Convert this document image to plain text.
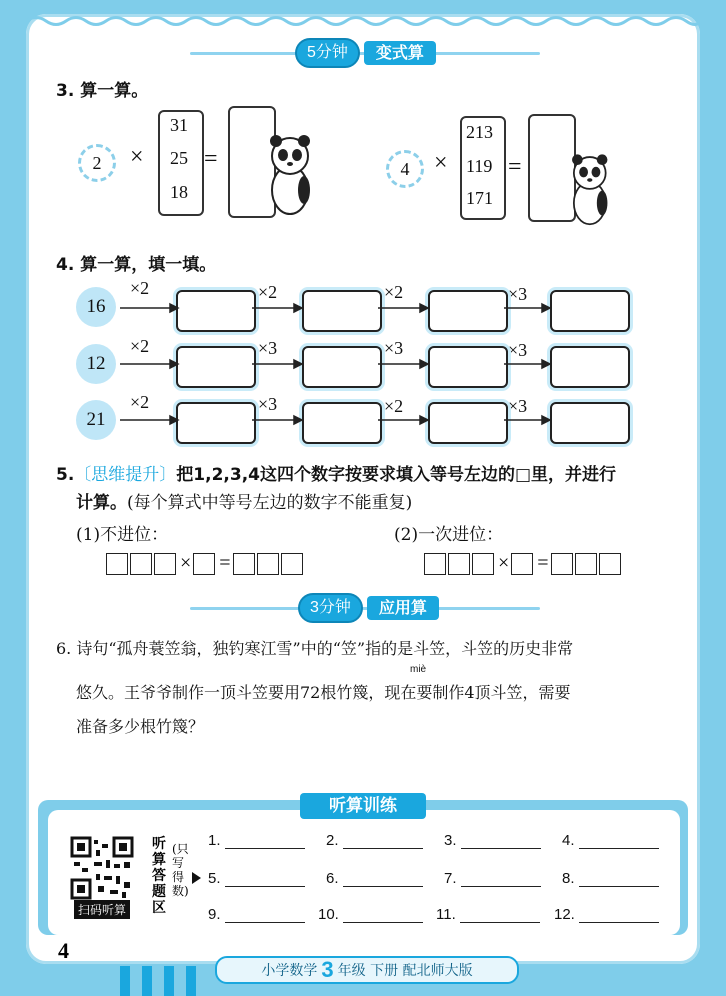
5分钟	变式算
3. 算一算。
2	×
31
25
18
=	4	×
213
119
171
=
4. 算一算，填一填。
16
×2	×2	×2	×3
12
×2	×3	×3	×3
21
×2	×3	×2	×3
5.〔思维提升〕把1,2,3,4这四个数字按要求填入等号左边的□里，并进行
计算。(每个算式中等号左边的数字不能重复)
(1)不进位：	(2)一次进位：
× =	× =
3分钟	应用算
6. 诗句“孤舟蓑笠翁，独钓寒江雪”中的“笠”指的是斗笠，斗笠的历史非常
miè
悠久。王爷爷制作一顶斗笠要用72根竹篾，现在要制作4顶斗笠，需要
准备多少根竹篾？
听算训练
扫码听算
听算答题区
(只写得数)
1.	2.	3.	4.
5.	6.	7.	8.
9.	10.	11.	12.
4
小学数学 3 年级 下册 配北师大版
